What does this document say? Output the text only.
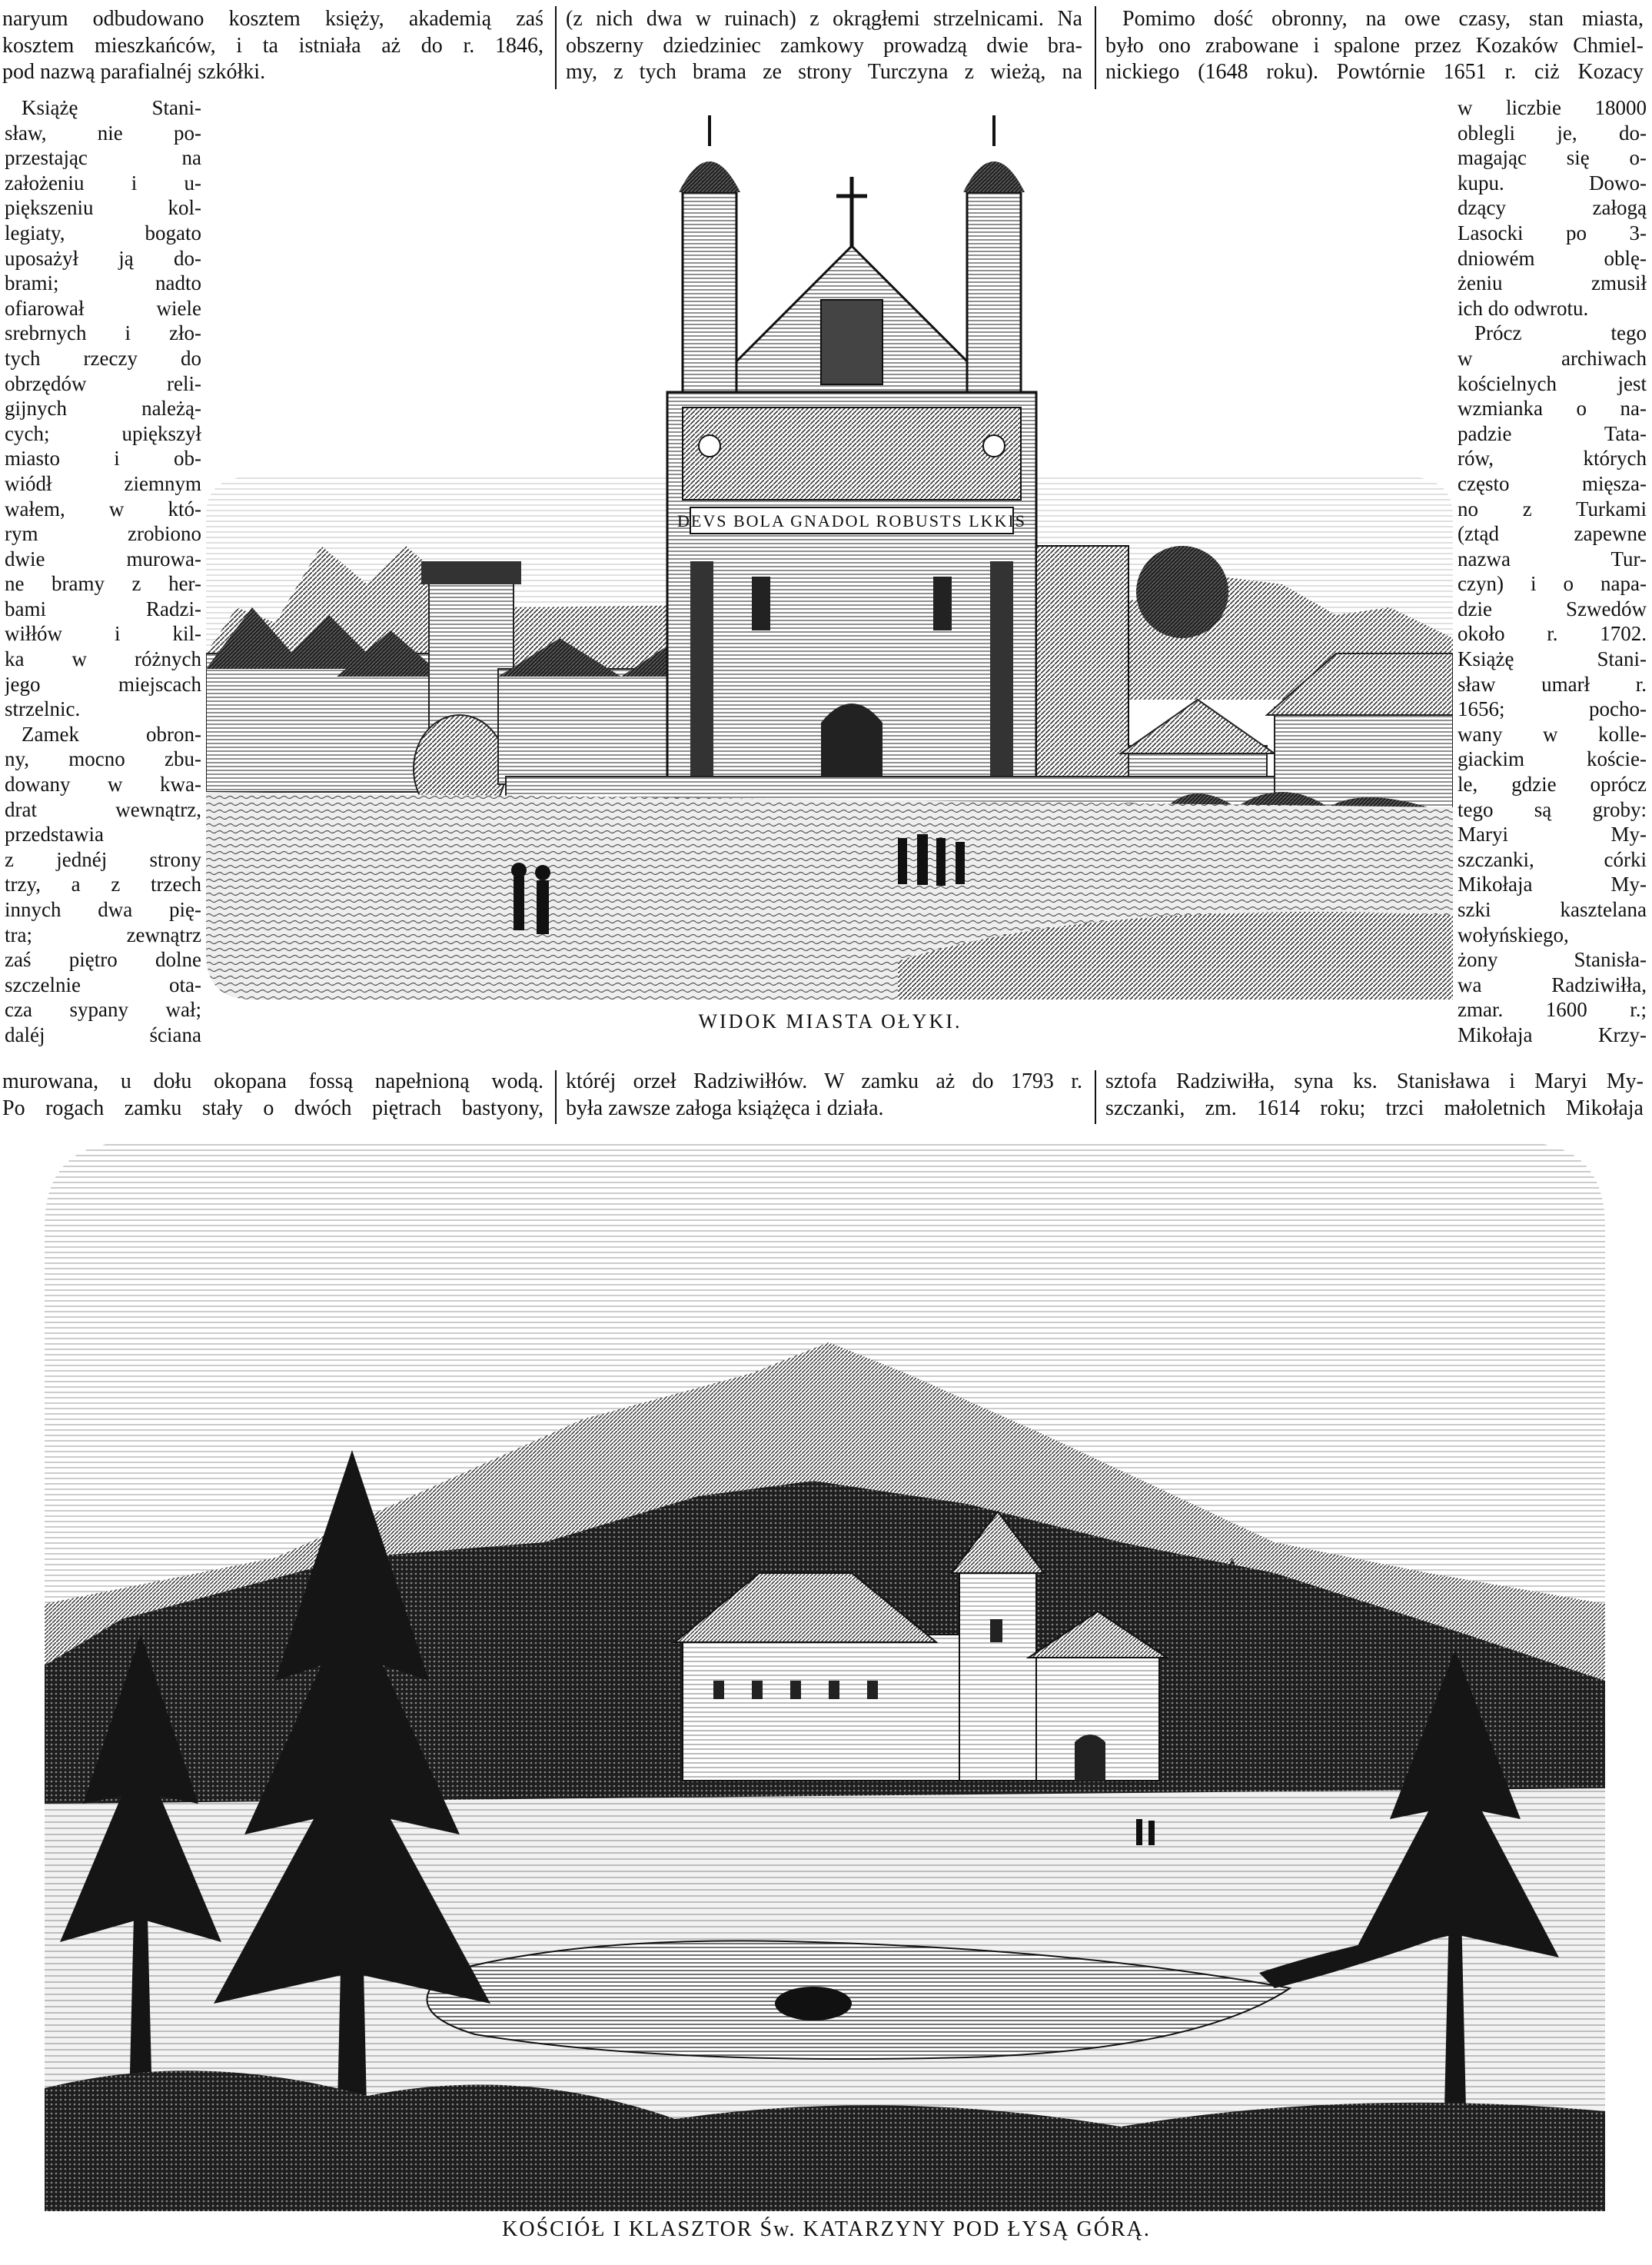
naryum odbudowano kosztem księży, akademią zaś
kosztem mieszkańców, i ta istniała aż do r. 1846,
pod nazwą parafialnéj szkółki.
(z nich dwa w ruinach) z okrągłemi strzelnicami. Na
obszerny dziedziniec zamkowy prowadzą dwie bra-
my, z tych brama ze strony Turczyna z wieżą, na
Pomimo dość obronny, na owe czasy, stan miasta,
było ono zrabowane i spalone przez Kozaków Chmiel-
nickiego (1648 roku). Powtórnie 1651 r. ciż Kozacy
Książę Stani-
sław, nie po-
przestając na
założeniu i u-
piększeniu kol-
legiaty, bogato
uposażył ją do-
brami; nadto
ofiarował wiele
srebrnych i zło-
tych rzeczy do
obrzędów reli-
gijnych należą-
cych; upiększył
miasto i ob-
wiódł ziemnym
wałem, w któ-
rym zrobiono
dwie murowa-
ne bramy z her-
bami Radzi-
wiłłów i kil-
ka w różnych
jego miejscach
strzelnic.
Zamek obron-
ny, mocno zbu-
dowany w kwa-
drat wewnątrz,
przedstawia
z jednéj strony
trzy, a z trzech
innych dwa pię-
tra; zewnątrz
zaś piętro dolne
szczelnie ota-
cza sypany wał;
daléj ściana
w liczbie 18000
oblegli je, do-
magając się o-
kupu. Dowo-
dzący załogą
Lasocki po 3-
dniowém oblę-
żeniu zmusił
ich do odwrotu.
Prócz tego
w archiwach
kościelnych jest
wzmianka o na-
padzie Tata-
rów, których
często mięsza-
no z Turkami
(ztąd zapewne
nazwa Tur-
czyn) i o napa-
dzie Szwedów
około r. 1702.
Książę Stani-
sław umarł r.
1656; pocho-
wany w kolle-
giackim koście-
le, gdzie oprócz
tego są groby:
Maryi My-
szczanki, córki
Mikołaja My-
szki kasztelana
wołyńskiego,
żony Stanisła-
wa Radziwiłła,
zmar. 1600 r.;
Mikołaja Krzy-
DEVS BOLA GNADOL ROBUSTS LKKIS
WIDOK MIASTA OŁYKI.
murowana, u dołu okopana fossą napełnioną wodą.
Po rogach zamku stały o dwóch piętrach bastyony,
któréj orzeł Radziwiłłów. W zamku aż do 1793 r.
była zawsze załoga książęca i działa.
sztofa Radziwiłła, syna ks. Stanisława i Maryi My-
szczanki, zm. 1614 roku; trzci małoletnich Mikołaja
KOŚCIÓŁ I KLASZTOR Św. KATARZYNY POD ŁYSĄ GÓRĄ.
